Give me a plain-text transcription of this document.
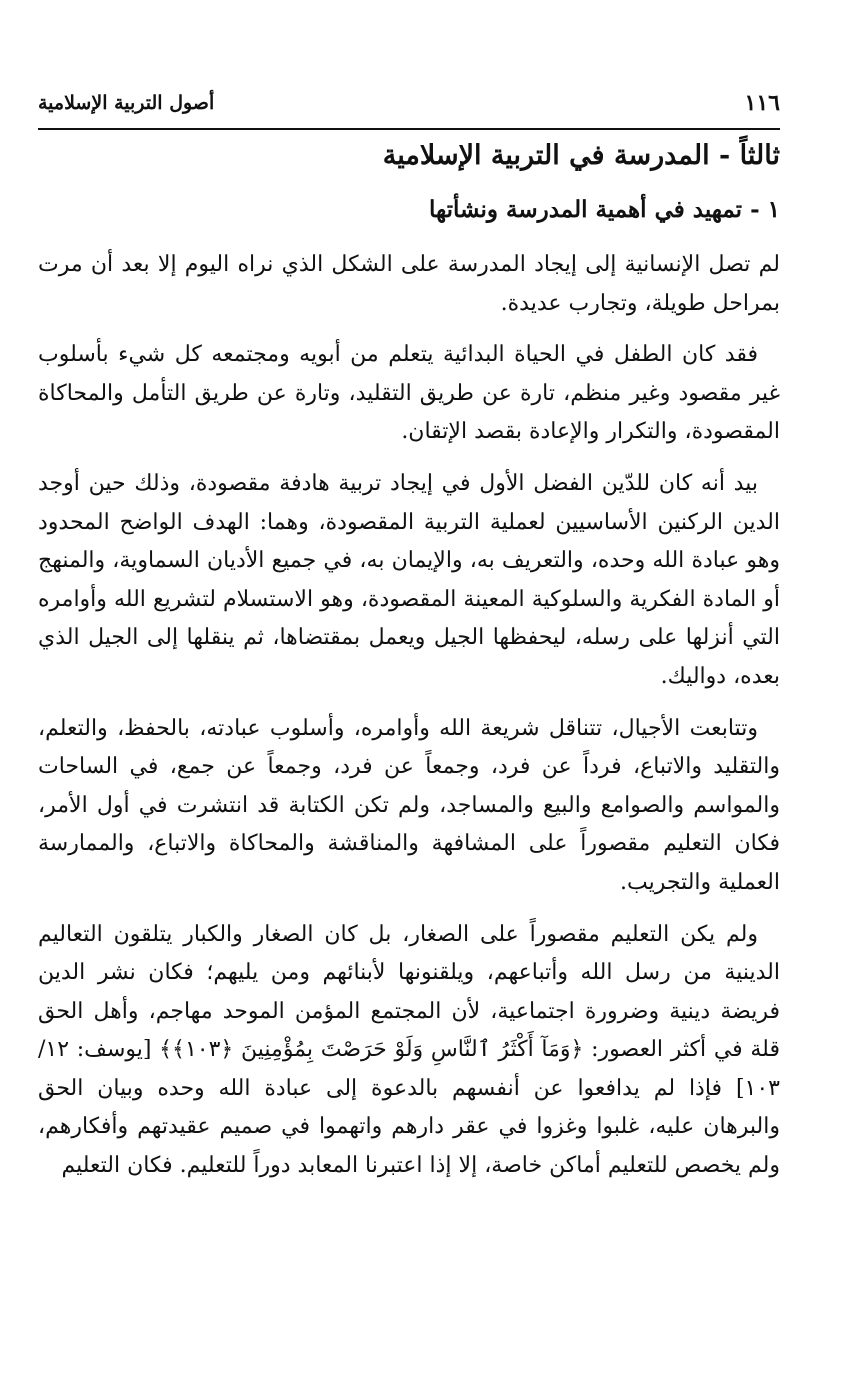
١١٦
أصول التربية الإسلامية
ثالثاً - المدرسة في التربية الإسلامية
١ - تمهيد في أهمية المدرسة ونشأتها

لم تصل الإنسانية إلى إيجاد المدرسة على الشكل الذي نراه اليوم إلا بعد أن مرت بمراحل طويلة، وتجارب عديدة.

فقد كان الطفل في الحياة البدائية يتعلم من أبويه ومجتمعه كل شيء بأسلوب غير مقصود وغير منظم، تارة عن طريق التقليد، وتارة عن طريق التأمل والمحاكاة المقصودة، والتكرار والإعادة بقصد الإتقان.

بيد أنه كان للدّين الفضل الأول في إيجاد تربية هادفة مقصودة، وذلك حين أوجد الدين الركنين الأساسيين لعملية التربية المقصودة، وهما: الهدف الواضح المحدود وهو عبادة الله وحده، والتعريف به، والإيمان به، في جميع الأديان السماوية، والمنهج أو المادة الفكرية والسلوكية المعينة المقصودة، وهو الاستسلام لتشريع الله وأوامره التي أنزلها على رسله، ليحفظها الجيل ويعمل بمقتضاها، ثم ينقلها إلى الجيل الذي بعده، دواليك.

وتتابعت الأجيال، تتناقل شريعة الله وأوامره، وأسلوب عبادته، بالحفظ، والتعلم، والتقليد والاتباع، فرداً عن فرد، وجمعاً عن فرد، وجمعاً عن جمع، في الساحات والمواسم والصوامع والبيع والمساجد، ولم تكن الكتابة قد انتشرت في أول الأمر، فكان التعليم مقصوراً على المشافهة والمناقشة والمحاكاة والاتباع، والممارسة العملية والتجريب.

ولم يكن التعليم مقصوراً على الصغار، بل كان الصغار والكبار يتلقون التعاليم الدينية من رسل الله وأتباعهم، ويلقنونها لأبنائهم ومن يليهم؛ فكان نشر الدين فريضة دينية وضرورة اجتماعية، لأن المجتمع المؤمن الموحد مهاجم، وأهل الحق قلة في أكثر العصور: ﴿وَمَآ أَكْثَرُ ٱلنَّاسِ وَلَوْ حَرَصْتَ بِمُؤْمِنِينَ ﴿١٠٣﴾﴾ [يوسف: ١٢/ ١٠٣] فإذا لم يدافعوا عن أنفسهم بالدعوة إلى عبادة الله وحده وبيان الحق والبرهان عليه، غلبوا وغزوا في عقر دارهم واتهموا في صميم عقيدتهم وأفكارهم، ولم يخصص للتعليم أماكن خاصة، إلا إذا اعتبرنا المعابد دوراً للتعليم. فكان التعليم
